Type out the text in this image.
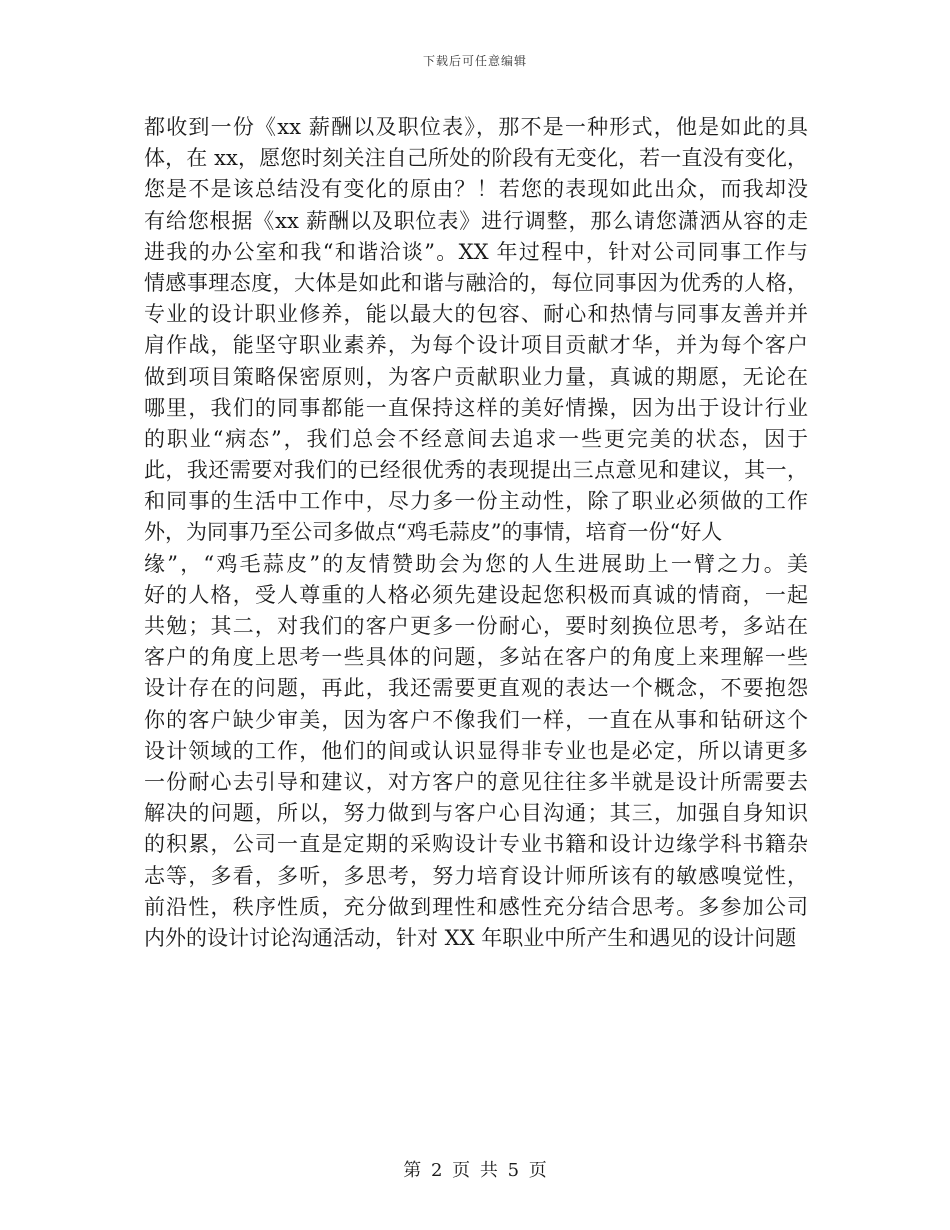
下载后可任意编辑
都收到一份《xx 薪酬以及职位表》，那不是一种形式，他是如此的具
体，在 xx，愿您时刻关注自己所处的阶段有无变化，若一直没有变化，
您是不是该总结没有变化的原由？！若您的表现如此出众，而我却没
有给您根据《xx 薪酬以及职位表》进行调整，那么请您潇洒从容的走
进我的办公室和我“和谐洽谈”。XX 年过程中，针对公司同事工作与
情感事理态度，大体是如此和谐与融洽的，每位同事因为优秀的人格，
专业的设计职业修养，能以最大的包容、耐心和热情与同事友善并并
肩作战，能坚守职业素养，为每个设计项目贡献才华，并为每个客户
做到项目策略保密原则，为客户贡献职业力量，真诚的期愿，无论在
哪里，我们的同事都能一直保持这样的美好情操，因为出于设计行业
的职业“病态”，我们总会不经意间去追求一些更完美的状态，因于
此，我还需要对我们的已经很优秀的表现提出三点意见和建议，其一，
和同事的生活中工作中，尽力多一份主动性，除了职业必须做的工作
外，为同事乃至公司多做点“鸡毛蒜皮”的事情，培育一份“好人
缘”，“鸡毛蒜皮”的友情赞助会为您的人生进展助上一臂之力。美
好的人格，受人尊重的人格必须先建设起您积极而真诚的情商，一起
共勉；其二，对我们的客户更多一份耐心，要时刻换位思考，多站在
客户的角度上思考一些具体的问题，多站在客户的角度上来理解一些
设计存在的问题，再此，我还需要更直观的表达一个概念，不要抱怨
你的客户缺少审美，因为客户不像我们一样，一直在从事和钻研这个
设计领域的工作，他们的间或认识显得非专业也是必定，所以请更多
一份耐心去引导和建议，对方客户的意见往往多半就是设计所需要去
解决的问题，所以，努力做到与客户心目沟通；其三，加强自身知识
的积累，公司一直是定期的采购设计专业书籍和设计边缘学科书籍杂
志等，多看，多听，多思考，努力培育设计师所该有的敏感嗅觉性，
前沿性，秩序性质，充分做到理性和感性充分结合思考。多参加公司
内外的设计讨论沟通活动，针对 XX 年职业中所产生和遇见的设计问题
第 2 页 共 5 页
